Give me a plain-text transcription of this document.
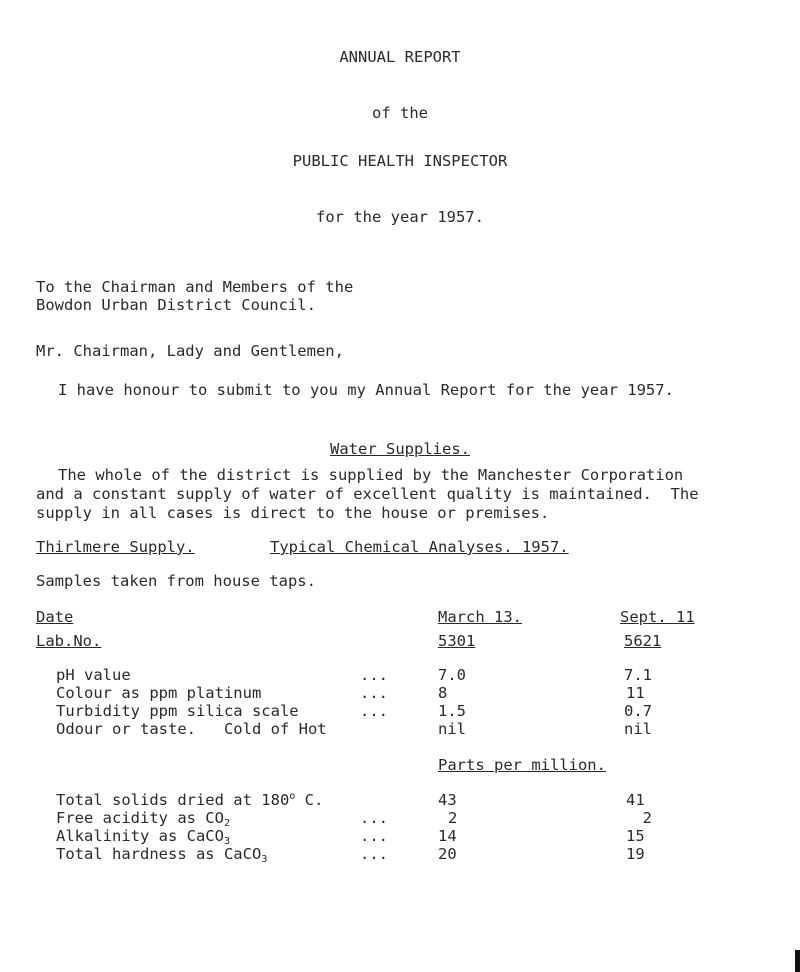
ANNUAL REPORT
of the
PUBLIC HEALTH INSPECTOR
for the year 1957.
To the Chairman and Members of the
Bowdon Urban District Council.
Mr. Chairman, Lady and Gentlemen,
I have honour to submit to you my Annual Report for the year 1957.
Water Supplies.
The whole of the district is supplied by the Manchester Corporation
and a constant supply of water of excellent quality is maintained.  The
supply in all cases is direct to the house or premises.
Thirlmere Supply.	Typical Chemical Analyses. 1957.
Samples taken from house taps.
Date	March 13.	Sept. 11
Lab.No.	5301	5621
pH value	...	7.0	7.1
Colour as ppm platinum	...	8	11
Turbidity ppm silica scale	...	1.5	0.7
Odour or taste.   Cold of Hot	nil	nil
Parts per million.
Total solids dried at 180$^o$ C.	43	41
Free acidity as $CO_2$	...	2	2
Alkalinity as CaCO$_3$	...	14	15
Total hardness as CaCO$_3$	...	20	19
